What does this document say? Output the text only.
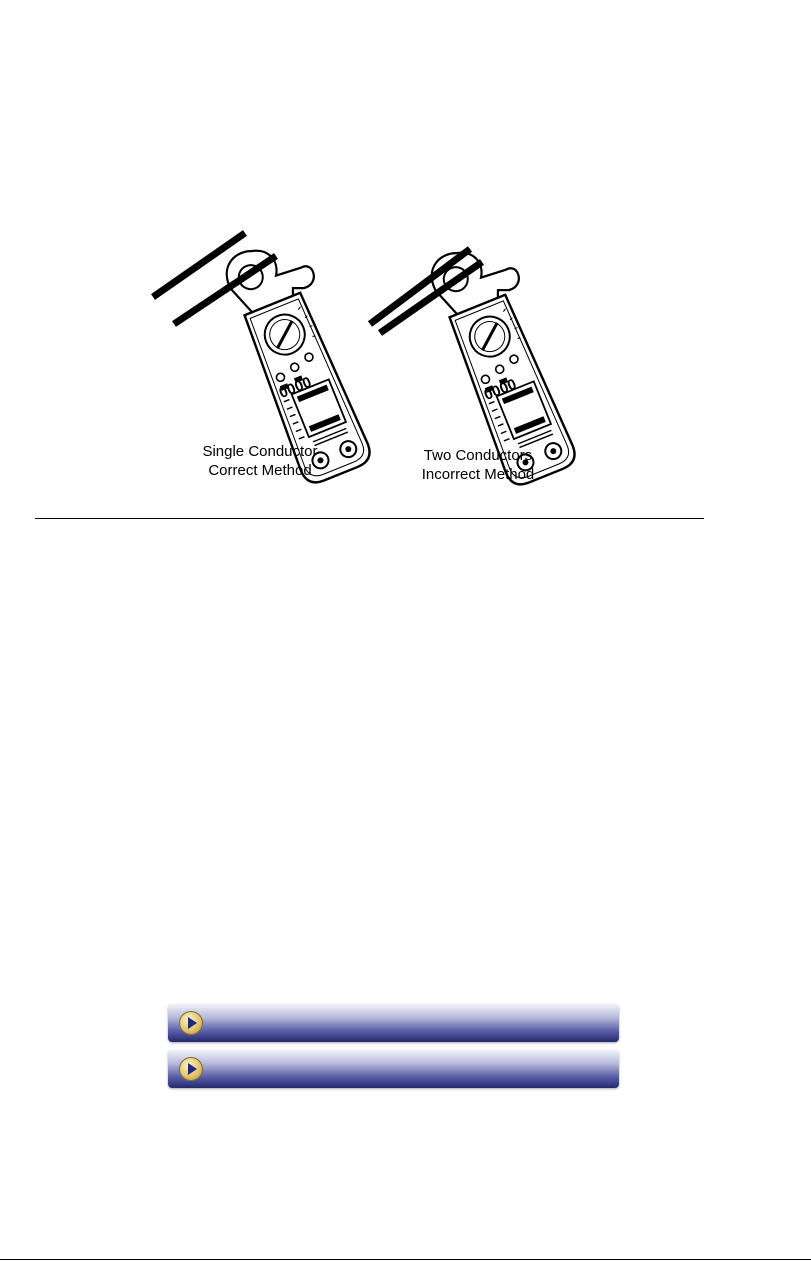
0000	0000
Single Conductor
Correct Method
Two Conductors
Incorrect Method
